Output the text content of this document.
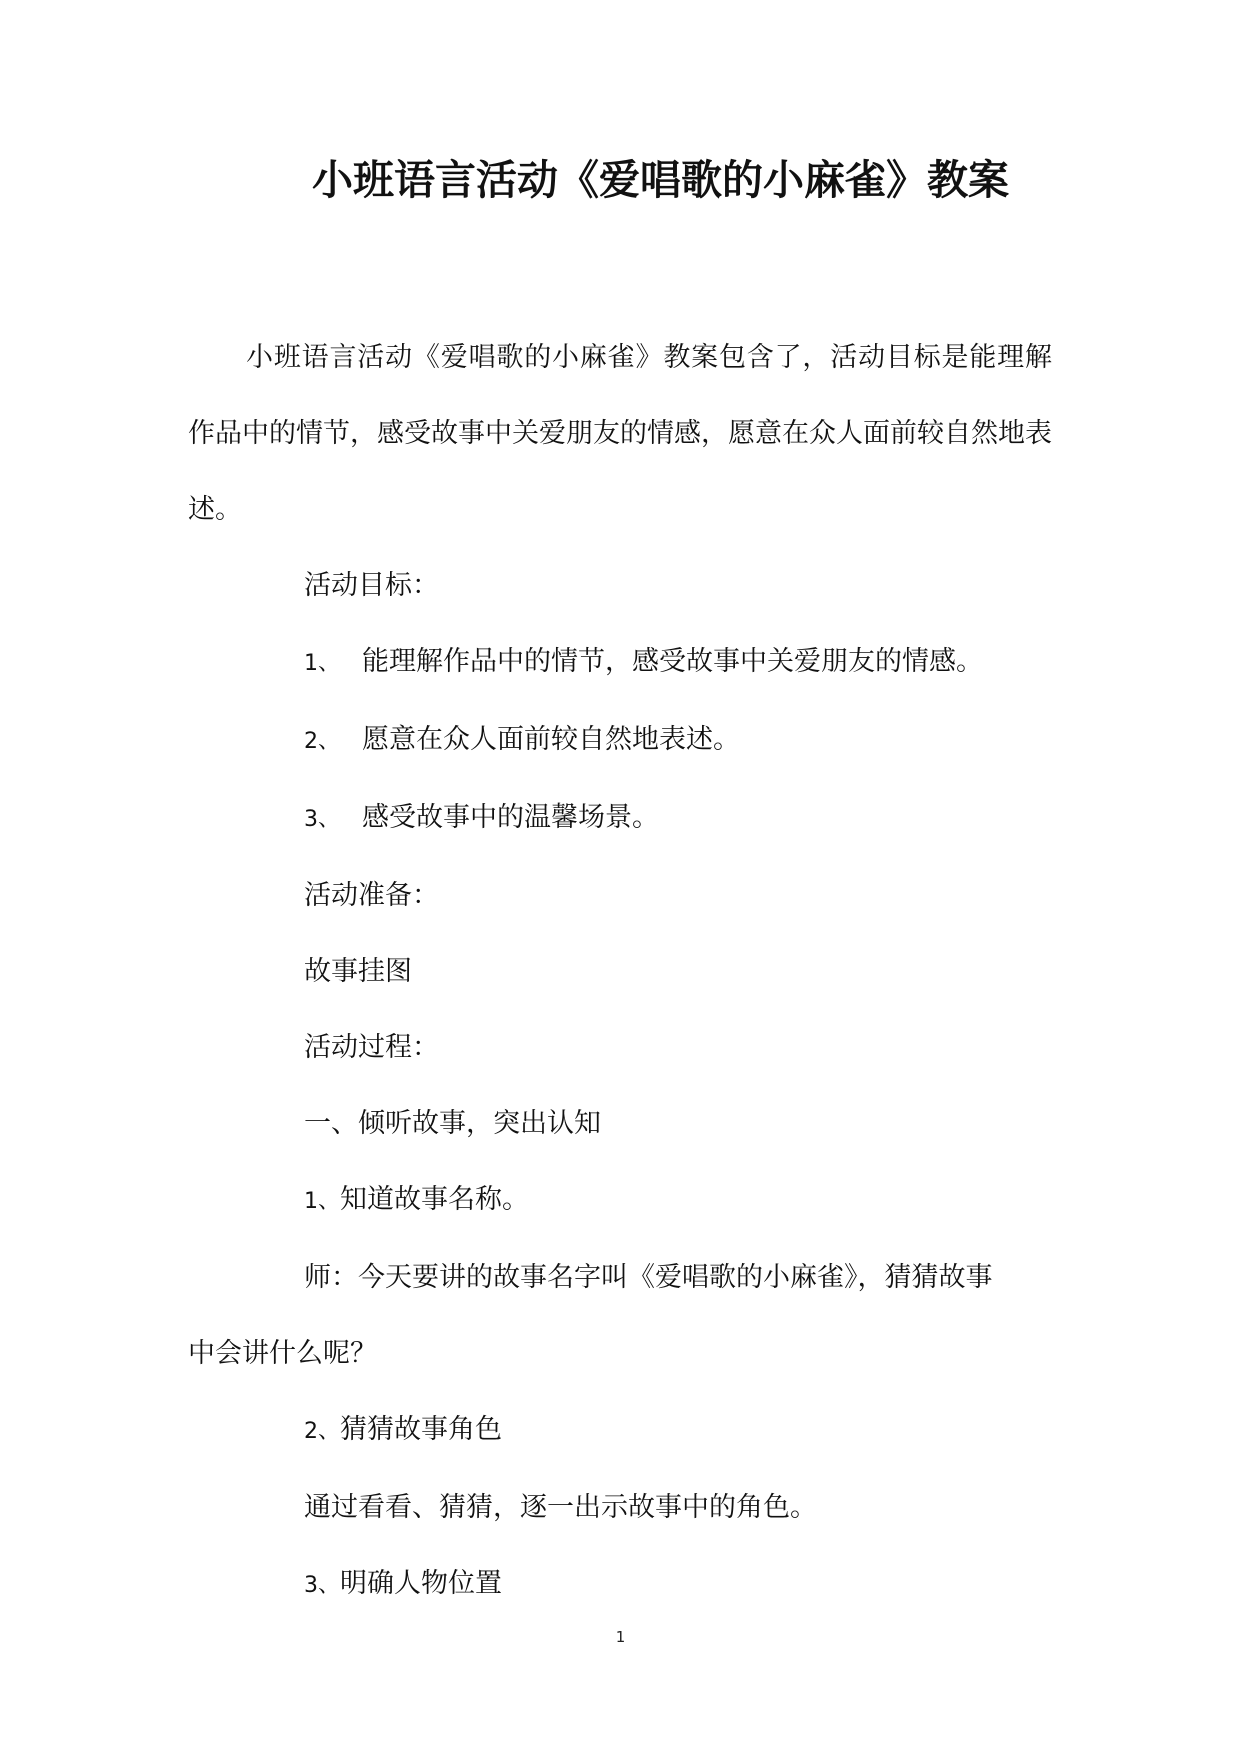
小班语言活动《爱唱歌的小麻雀》教案

小班语言活动《爱唱歌的小麻雀》教案包含了，活动目标是能理解作品中的情节，感受故事中关爱朋友的情感，愿意在众人面前较自然地表述。

活动目标：

1、 能理解作品中的情节，感受故事中关爱朋友的情感。

2、 愿意在众人面前较自然地表述。

3、 感受故事中的温馨场景。

活动准备：

故事挂图

活动过程：

一、倾听故事，突出认知

1、知道故事名称。

师：今天要讲的故事名字叫《爱唱歌的小麻雀》，猜猜故事

中会讲什么呢？

2、猜猜故事角色

通过看看、猜猜，逐一出示故事中的角色。

3、明确人物位置

1
